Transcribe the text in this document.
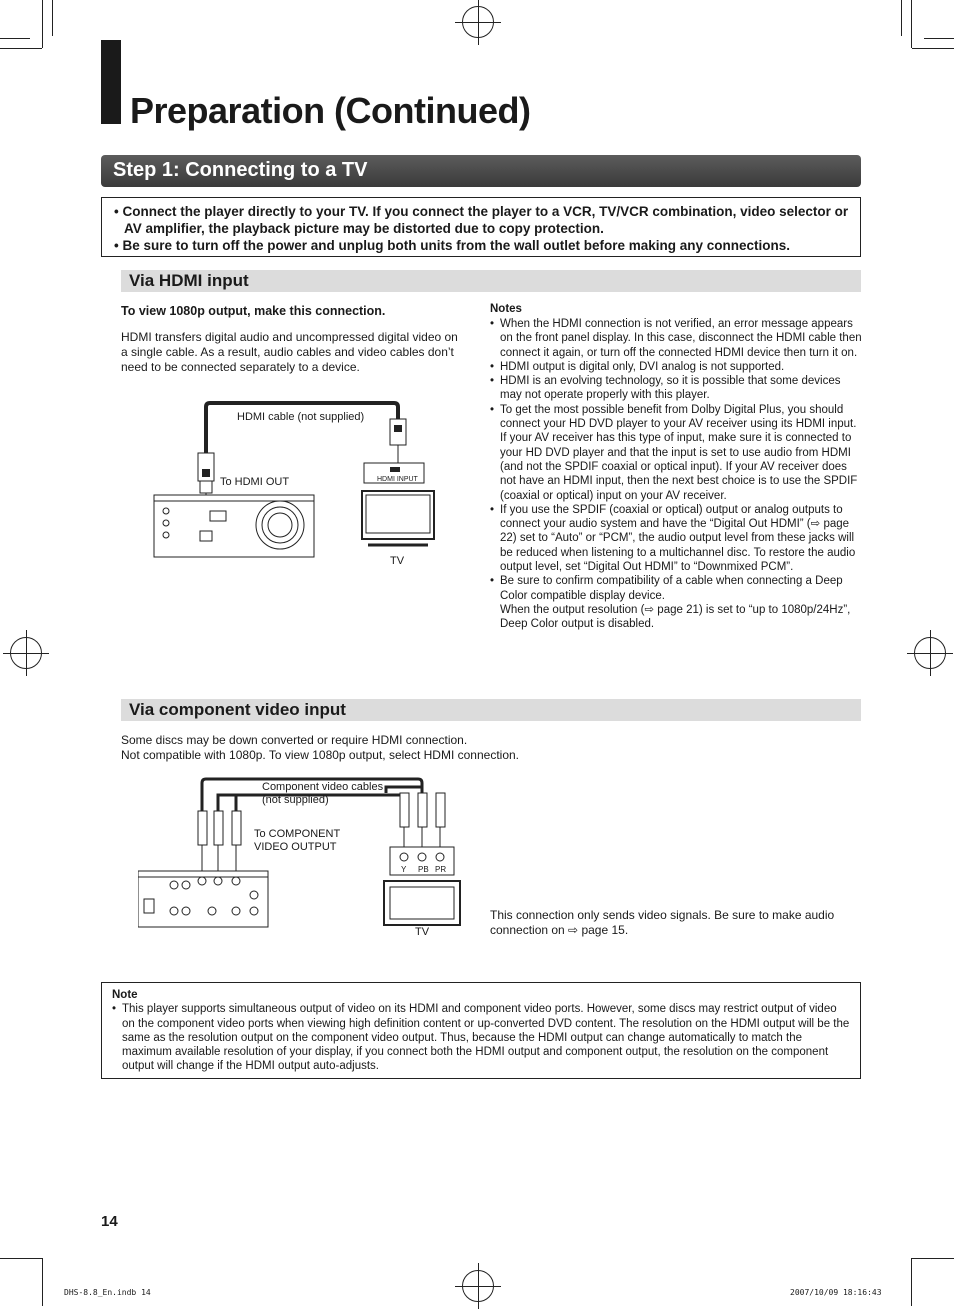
Preparation (Continued)
Step 1: Connecting to a TV

• Connect the player directly to your TV. If you connect the player to a VCR, TV/VCR combination, video selector or AV amplifier, the playback picture may be distorted due to copy protection.

• Be sure to turn off the power and unplug both units from the wall outlet before making any connections.

Via HDMI input
To view 1080p output, make this connection.
HDMI transfers digital audio and uncompressed digital video on a single cable. As a result, audio cables and video cables don’t need to be connected separately to a device.
HDMI cable (not supplied)
To HDMI OUT	HDMI INPUT
TV
Notes
• When the HDMI connection is not verified, an error message appears on the front panel display. In this case, disconnect the HDMI cable then connect it again, or turn off the connected HDMI device then turn it on.
• HDMI output is digital only, DVI analog is not supported.
• HDMI is an evolving technology, so it is possible that some devices may not operate properly with this player.
• To get the most possible benefit from Dolby Digital Plus, you should connect your HD DVD player to your AV receiver using its HDMI input. If your AV receiver has this type of input, make sure it is connected to your HD DVD player and that the input is set to use audio from HDMI (and not the SPDIF coaxial or optical input). If your AV receiver does not have an HDMI input, then the next best choice is to use the SPDIF (coaxial or optical) input on your AV receiver.
• If you use the SPDIF (coaxial or optical) output or analog outputs to connect your audio system and have the “Digital Out HDMI” (⇨ page 22) set to “Auto” or “PCM”, the audio output level from these jacks will be reduced when listening to a multichannel disc. To restore the audio output level, set “Digital Out HDMI” to “Downmixed PCM”.
• Be sure to confirm compatibility of a cable when connecting a Deep Color compatible display device.
When the output resolution (⇨ page 21) is set to “up to 1080p/24Hz”, Deep Color output is disabled.
Via component video input
Some discs may be down converted or require HDMI connection.
Not compatible with 1080p. To view 1080p output, select HDMI connection.
Component video cables
(not supplied)
To COMPONENT
VIDEO OUTPUT
Y PB PR
TV
This connection only sends video signals. Be sure to make audio connection on ⇨ page 15.
Note
• This player supports simultaneous output of video on its HDMI and component video ports. However, some discs may restrict output of video on the component video ports when viewing high definition content or up-converted DVD content. The resolution on the HDMI output will be the same as the resolution output on the component video output. Thus, because the HDMI output can change automatically to match the maximum available resolution of your display, if you connect both the HDMI output and component output, the resolution on the component output will change if the HDMI output auto-adjusts.
14
DHS-8.8_En.indb 14	2007/10/09 18:16:43
